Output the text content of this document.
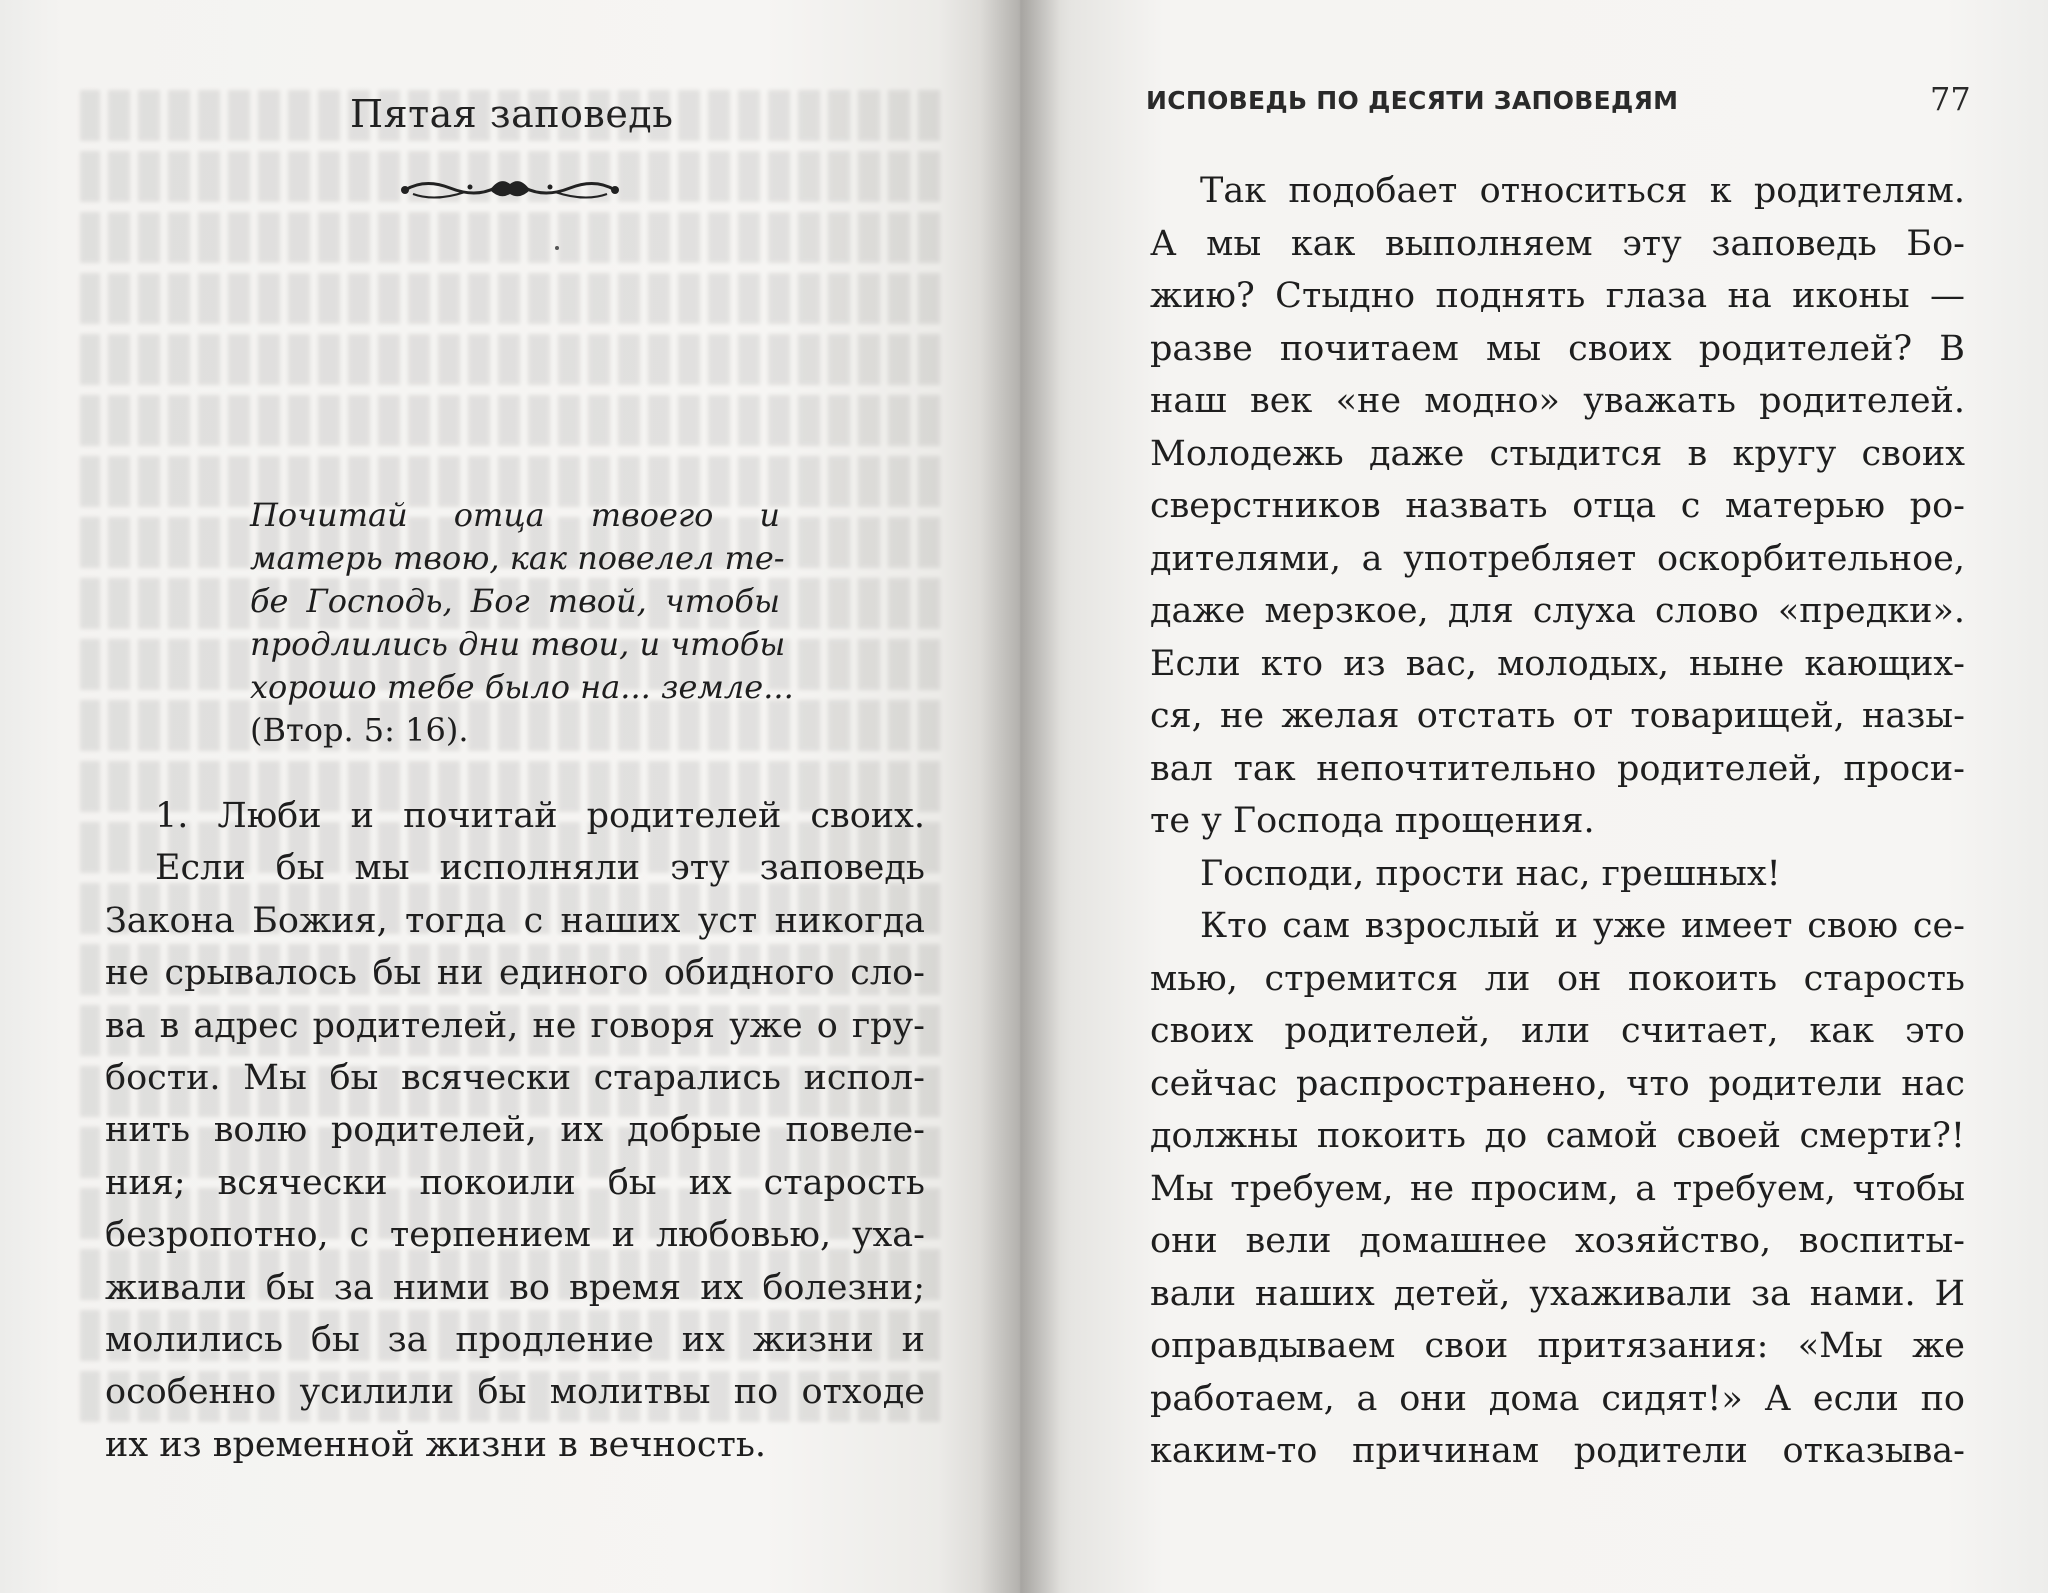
Пятая заповедь
Почитай отца твоего и
матерь твою, как повелел те-
бе Господь, Бог твой, чтобы
продлились дни твои, и чтобы
хорошо тебе было на... земле...
(Втор. 5: 16).
1. Люби и почитай родителей своих.
Если бы мы исполняли эту заповедь
Закона Божия, тогда с наших уст никогда
не срывалось бы ни единого обидного сло-
ва в адрес родителей, не говоря уже о гру-
бости. Мы бы всячески старались испол-
нить волю родителей, их добрые повеле-
ния; всячески покоили бы их старость
безропотно, с терпением и любовью, уха-
живали бы за ними во время их болезни;
молились бы за продление их жизни и
особенно усилили бы молитвы по отходе
их из временной жизни в вечность.
ИСПОВЕДЬ ПО ДЕСЯТИ ЗАПОВЕДЯМ	77
Так подобает относиться к родителям.
А мы как выполняем эту заповедь Бо-
жию? Стыдно поднять глаза на иконы —
разве почитаем мы своих родителей? В
наш век «не модно» уважать родителей.
Молодежь даже стыдится в кругу своих
сверстников назвать отца с матерью ро-
дителями, а употребляет оскорбительное,
даже мерзкое, для слуха слово «предки».
Если кто из вас, молодых, ныне кающих-
ся, не желая отстать от товарищей, назы-
вал так непочтительно родителей, проси-
те у Господа прощения.
Господи, прости нас, грешных!
Кто сам взрослый и уже имеет свою се-
мью, стремится ли он покоить старость
своих родителей, или считает, как это
сейчас распространено, что родители нас
должны покоить до самой своей смерти?!
Мы требуем, не просим, а требуем, чтобы
они вели домашнее хозяйство, воспиты-
вали наших детей, ухаживали за нами. И
оправдываем свои притязания: «Мы же
работаем, а они дома сидят!» А если по
каким-то причинам родители отказыва-
